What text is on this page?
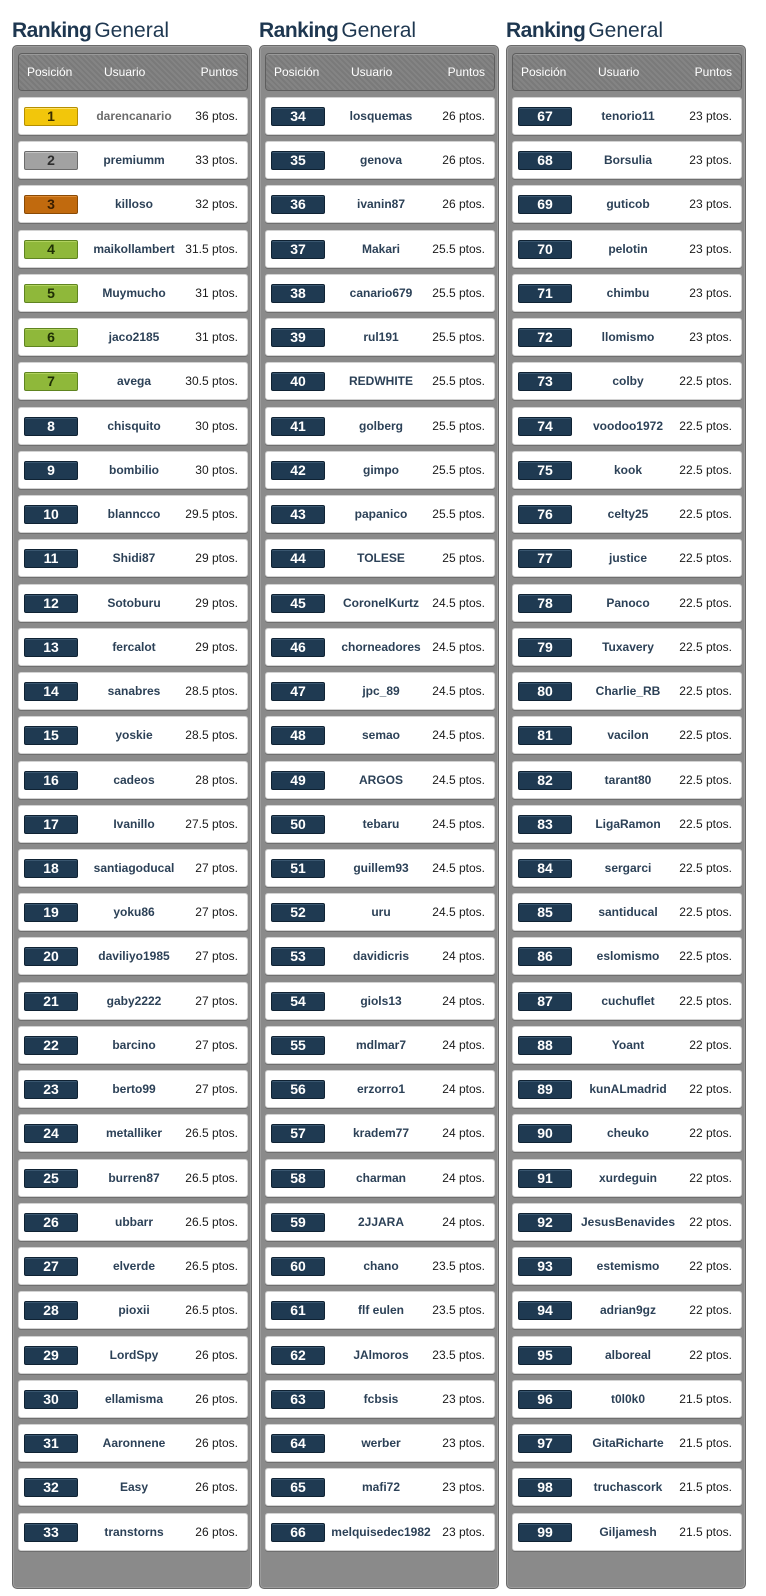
Ranking General
Posición	Usuario	Puntos
1	darencanario	36 ptos.
2	premiumm	33 ptos.
3	killoso	32 ptos.
4	maikollambert 31.5 ptos.
5	Muymucho	31 ptos.
6	jaco2185	31 ptos.
7	avega	30.5 ptos.
8	chisquito	30 ptos.
9	bombilio	30 ptos.
10	blanncco	29.5 ptos.
11	Shidi87	29 ptos.
12	Sotoburu	29 ptos.
13	fercalot	29 ptos.
14	sanabres	28.5 ptos.
15	yoskie	28.5 ptos.
16	cadeos	28 ptos.
17	Ivanillo	27.5 ptos.
18	santiagoducal	27 ptos.
19	yoku86	27 ptos.
20	daviliyo1985	27 ptos.
21	gaby2222	27 ptos.
22	barcino	27 ptos.
23	berto99	27 ptos.
24	metalliker	26.5 ptos.
25	burren87	26.5 ptos.
26	ubbarr	26.5 ptos.
27	elverde	26.5 ptos.
28	pioxii	26.5 ptos.
29	LordSpy	26 ptos.
30	ellamisma	26 ptos.
31	Aaronnene	26 ptos.
32	Easy	26 ptos.
33	transtorns	26 ptos.
Ranking General
Posición	Usuario	Puntos
34	losquemas	26 ptos.
35	genova	26 ptos.
36	ivanin87	26 ptos.
37	Makari	25.5 ptos.
38	canario679	25.5 ptos.
39	rul191	25.5 ptos.
40	REDWHITE	25.5 ptos.
41	golberg	25.5 ptos.
42	gimpo	25.5 ptos.
43	papanico	25.5 ptos.
44	TOLESE	25 ptos.
45	CoronelKurtz	24.5 ptos.
46	chorneadores 24.5 ptos.
47	jpc_89	24.5 ptos.
48	semao	24.5 ptos.
49	ARGOS	24.5 ptos.
50	tebaru	24.5 ptos.
51	guillem93	24.5 ptos.
52	uru	24.5 ptos.
53	davidicris	24 ptos.
54	giols13	24 ptos.
55	mdlmar7	24 ptos.
56	erzorro1	24 ptos.
57	kradem77	24 ptos.
58	charman	24 ptos.
59	2JJARA	24 ptos.
60	chano	23.5 ptos.
61	flf eulen	23.5 ptos.
62	JAlmoros	23.5 ptos.
63	fcbsis	23 ptos.
64	werber	23 ptos.
65	mafi72	23 ptos.
66	melquisedec1982 23 ptos.
Ranking General
Posición	Usuario	Puntos
67	tenorio11	23 ptos.
68	Borsulia	23 ptos.
69	guticob	23 ptos.
70	pelotin	23 ptos.
71	chimbu	23 ptos.
72	llomismo	23 ptos.
73	colby	22.5 ptos.
74	voodoo1972	22.5 ptos.
75	kook	22.5 ptos.
76	celty25	22.5 ptos.
77	justice	22.5 ptos.
78	Panoco	22.5 ptos.
79	Tuxavery	22.5 ptos.
80	Charlie_RB	22.5 ptos.
81	vacilon	22.5 ptos.
82	tarant80	22.5 ptos.
83	LigaRamon	22.5 ptos.
84	sergarci	22.5 ptos.
85	santiducal	22.5 ptos.
86	eslomismo	22.5 ptos.
87	cuchuflet	22.5 ptos.
88	Yoant	22 ptos.
89	kunALmadrid	22 ptos.
90	cheuko	22 ptos.
91	xurdeguin	22 ptos.
92	JesusBenavides	22 ptos.
93	estemismo	22 ptos.
94	adrian9gz	22 ptos.
95	alboreal	22 ptos.
96	t0l0k0	21.5 ptos.
97	GitaRicharte	21.5 ptos.
98	truchascork	21.5 ptos.
99	Giljamesh	21.5 ptos.
